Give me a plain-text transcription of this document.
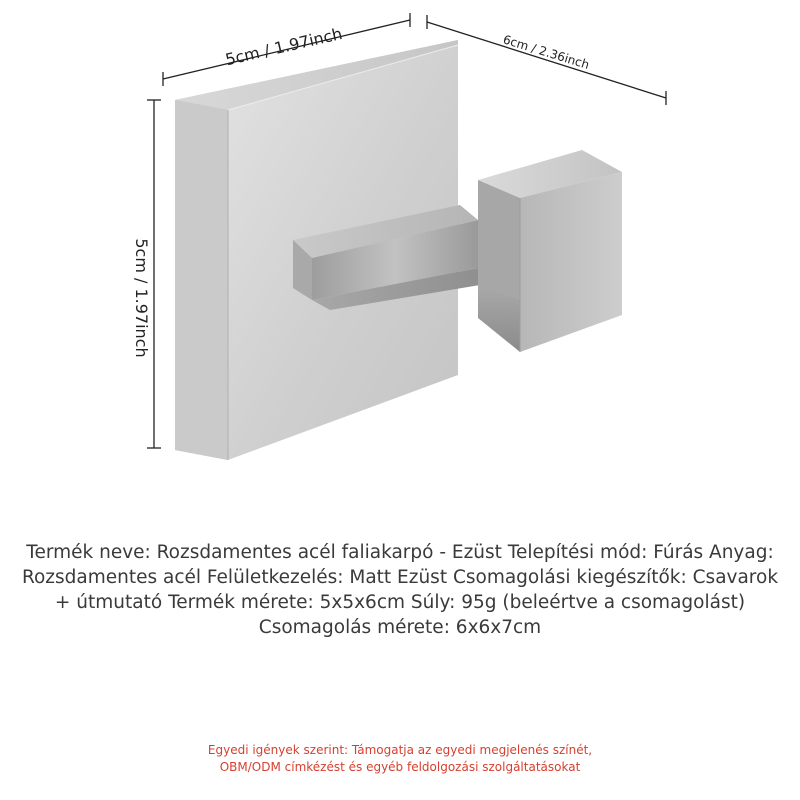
5cm / 1.97inch	6cm / 2.36inch
5cm / 1.97inch
Termék neve: Rozsdamentes acél faliakarpó - Ezüst Telepítési mód: Fúrás Anyag: Rozsdamentes acél Felületkezelés: Matt Ezüst Csomagolási kiegészítők: Csavarok + útmutató Termék mérete: 5x5x6cm Súly: 95g (beleértve a csomagolást) Csomagolás mérete: 6x6x7cm
Egyedi igények szerint: Támogatja az egyedi megjelenés színét,
OBM/ODM címkézést és egyéb feldolgozási szolgáltatásokat
